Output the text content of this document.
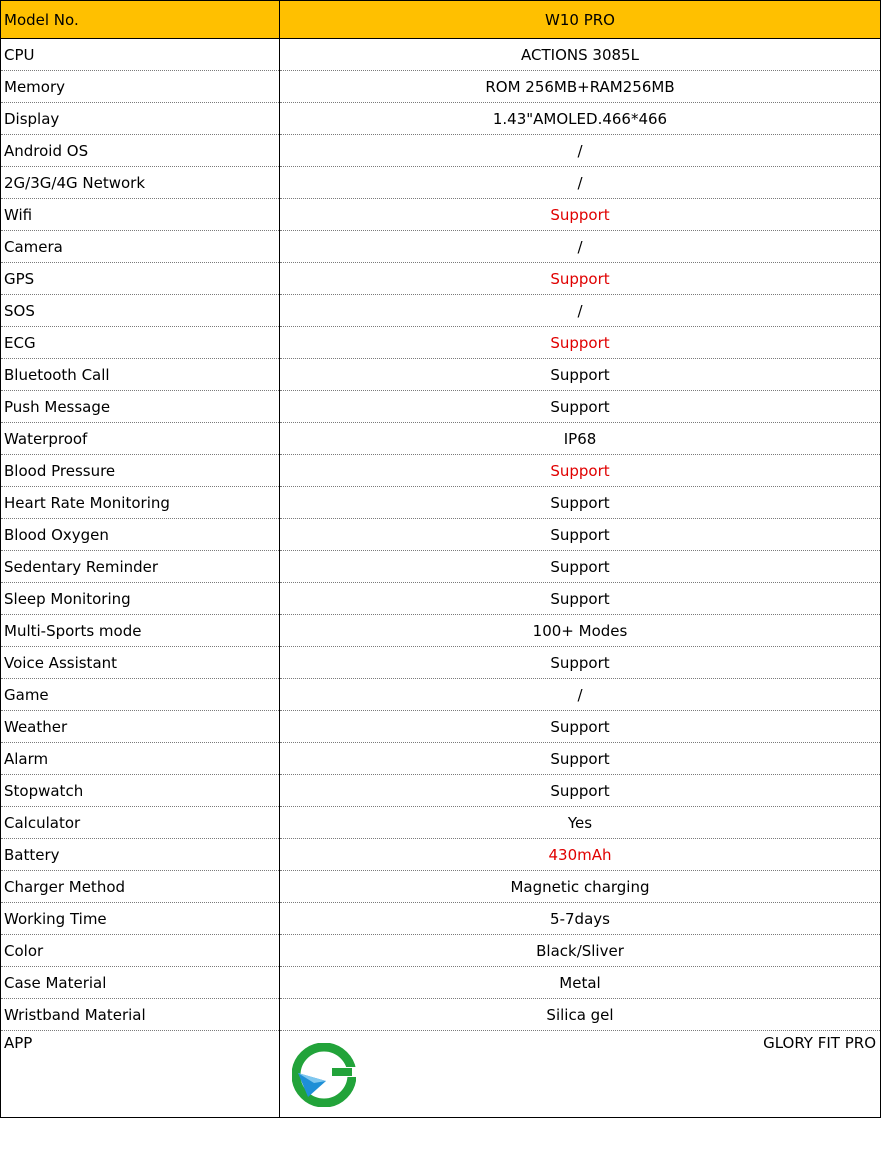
Model No.	W10 PRO
CPU	ACTIONS 3085L
Memory	ROM 256MB+RAM256MB
Display	1.43"AMOLED.466*466
Android OS	/
2G/3G/4G Network	/
Wifi	Support
Camera	/
GPS	Support
SOS	/
ECG	Support
Bluetooth Call	Support
Push Message	Support
Waterproof	IP68
Blood Pressure	Support
Heart Rate Monitoring	Support
Blood Oxygen	Support
Sedentary Reminder	Support
Sleep Monitoring	Support
Multi-Sports mode	100+ Modes
Voice Assistant	Support
Game	/
Weather	Support
Alarm	Support
Stopwatch	Support
Calculator	Yes
Battery	430mAh
Charger Method	Magnetic charging
Working Time	5-7days
Color	Black/Sliver
Case Material	Metal
Wristband Material	Silica gel
APP	GLORY FIT PRO
